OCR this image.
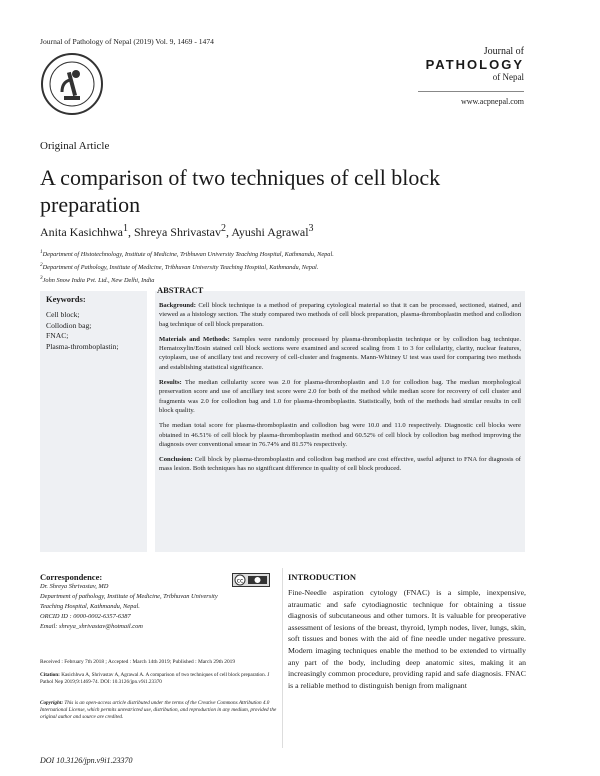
Journal of Pathology of Nepal (2019) Vol. 9, 1469 - 1474
Journal of
PATHOLOGY
of Nepal
www.acpnepal.com
Original Article
A comparison of two techniques of cell block preparation
Anita Kasichhwa$^1$, Shreya Shrivastav$^2$, Ayushi Agrawal$^3$
$^1$Department of Histotechnology, Institute of Medicine, Tribhuvan University Teaching Hospital, Kathmandu, Nepal.
$^2$Department of Pathology, Institute of Medicine, Tribhuvan University Teaching Hospital, Kathmandu, Nepal.
$^3$John Snow India Pvt. Ltd., New Delhi, India
Keywords:
Cell block;
Collodion bag;
FNAC;
Plasma-thromboplastin;
ABSTRACT
Background: Cell block technique is a method of preparing cytological material so that it can be processed, sectioned, stained, and viewed as a histology section. The study compared two methods of cell block preparation, plasma-thromboplastin method and collodion bag technique of cell block preparation.
Materials and Methods: Samples were randomly processed by plasma-thromboplastin technique or by collodion bag technique. Hematoxylin/Eosin stained cell block sections were examined and scored scaling from 1 to 3 for cellularity, clarity, nuclear features, cytoplasm, use of ancillary test and recovery of cell-cluster and fragments. Mann-Whitney U test was used for comparing two methods and establishing statistical significance.
Results: The median cellularity score was 2.0 for plasma-thromboplastin and 1.0 for collodion bag. The median morphological preservation score and use of ancillary test score were 2.0 for both of the method while median score for recovery of cell cluster and fragments was 2.0 for collodion bag and 1.0 for plasma-thromboplastin. Statistically, both of the methods had similar results in cell block quality.
The median total score for plasma-thromboplastin and collodion bag were 10.0 and 11.0 respectively. Diagnostic cell blocks were obtained in 46.51% of cell block by plasma-thromboplastin method and 60.52% of cell block by collodion bag method improving the diagnosis over conventional smear in 76.74% and 81.57% respectively.
Conclusion: Cell block by plasma-thromboplastin and collodion bag method are cost effective, useful adjunct to FNA for diagnosis of mass lesion. Both techniques has no significant difference in quality of cell block produced.
Correspondence:
Dr. Shreya Shrivastav, MD
Department of pathology, Institute of Medicine, Tribhuvan University
Teaching Hospital, Kathmandu, Nepal.
ORCID ID : 0000-0002-6357-6387
Email: shreya_shrivastav@hotmail.com
cc
Received : February 7th 2018 ; Accepted : March 14th 2019; Published : March 29th 2019
Citation: Kasichhwa A, Shrivastav A, Agrawal A. A comparison of two techniques of cell block preparation. J Pathol Nep 2019;9:1469-74. DOI: 10.3126/jpn.v9i1.23370
Copyright: This is an open-access article distributed under the terms of the Creative Commons Attribution 4.0 International License, which permits unrestricted use, distribution, and reproduction in any medium, provided the original author and source are credited.
DOI 10.3126/jpn.v9i1.23370
INTRODUCTION
Fine-Needle aspiration cytology (FNAC) is a simple, inexpensive, atraumatic and safe cytodiagnostic technique for obtaining a tissue diagnosis of subcutaneous and other tumors. It is valuable for preoperative assessment of lesions of the breast, thyroid, lymph nodes, liver, lungs, skin, soft tissues and bones with the aid of fine needle under negative pressure. Modern imaging techniques enable the method to be extended to virtually any part of the body, including deep anatomic sites, making it an increasingly common procedure, providing rapid and safe diagnosis. FNAC is a reliable method to distinguish benign from malignant
